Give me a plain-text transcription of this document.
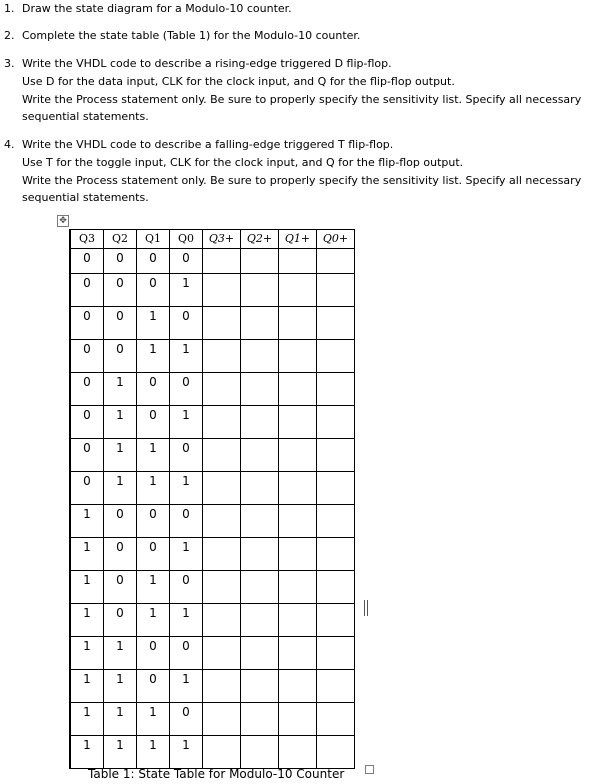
1. Draw the state diagram for a Modulo-10 counter.
2. Complete the state table (Table 1) for the Modulo-10 counter.
3. Write the VHDL code to describe a rising-edge triggered D flip-flop.
Use D for the data input, CLK for the clock input, and Q for the flip-flop output.
Write the Process statement only. Be sure to properly specify the sensitivity list. Specify all necessary
sequential statements.
4. Write the VHDL code to describe a falling-edge triggered T flip-flop.
Use T for the toggle input, CLK for the clock input, and Q for the flip-flop output.
Write the Process statement only. Be sure to properly specify the sensitivity list. Specify all necessary
sequential statements.
✥
Q3	Q2	Q1	Q0	Q3+	Q2+	Q1+	Q0+
0	0	0	0				
0	0	0	1				
0	0	1	0				
0	0	1	1				
0	1	0	0				
0	1	0	1				
0	1	1	0				
0	1	1	1				
1	0	0	0				
1	0	0	1				
1	0	1	0				
1	0	1	1				
1	1	0	0				
1	1	0	1				
1	1	1	0				
1	1	1	1				
Table 1: State Table for Modulo-10 Counter
